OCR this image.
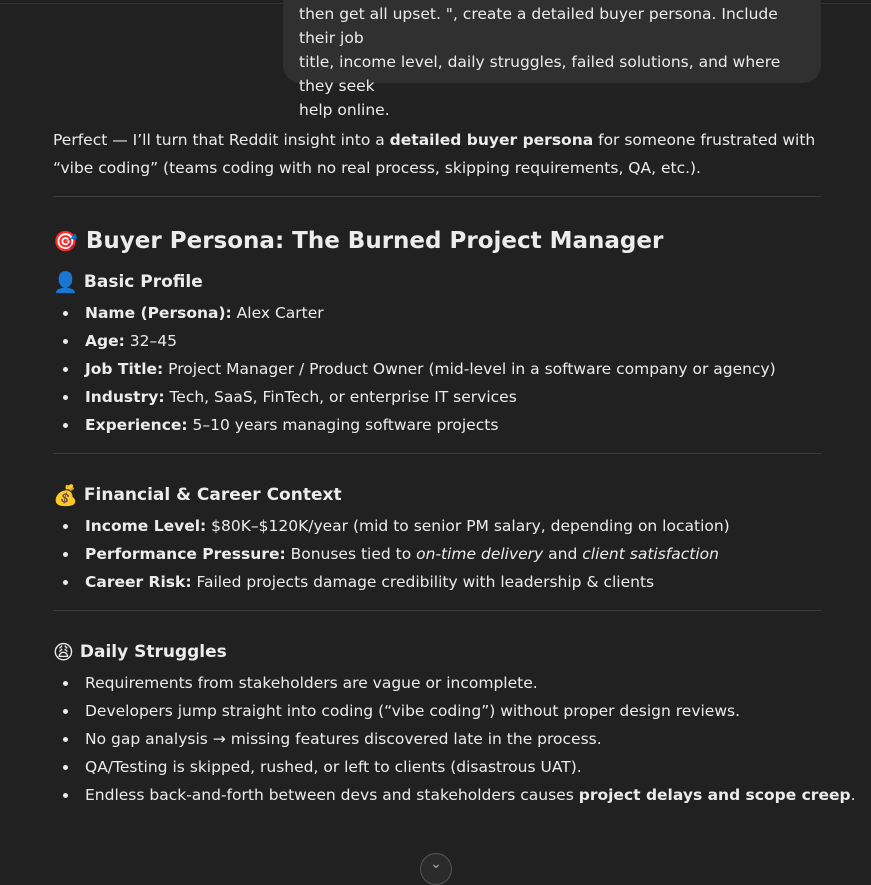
then get all upset. ", create a detailed buyer persona. Include their job
title, income level, daily struggles, failed solutions, and where they seek
help online.

Perfect — I’ll turn that Reddit insight into a detailed buyer persona for someone frustrated with “vibe coding” (teams coding with no real process, skipping requirements, QA, etc.).

🎯 Buyer Persona: The Burned Project Manager
👤 Basic Profile
Name (Persona): Alex Carter
Age: 32–45
Job Title: Project Manager / Product Owner (mid-level in a software company or agency)
Industry: Tech, SaaS, FinTech, or enterprise IT services
Experience: 5–10 years managing software projects
💰 Financial & Career Context
Income Level: $80K–$120K/year (mid to senior PM salary, depending on location)
Performance Pressure: Bonuses tied to on-time delivery and client satisfaction
Career Risk: Failed projects damage credibility with leadership & clients
😩 Daily Struggles
Requirements from stakeholders are vague or incomplete.
Developers jump straight into coding (“vibe coding”) without proper design reviews.
No gap analysis → missing features discovered late in the process.
QA/Testing is skipped, rushed, or left to clients (disastrous UAT).
Endless back-and-forth between devs and stakeholders causes project delays and scope creep.
⌄
